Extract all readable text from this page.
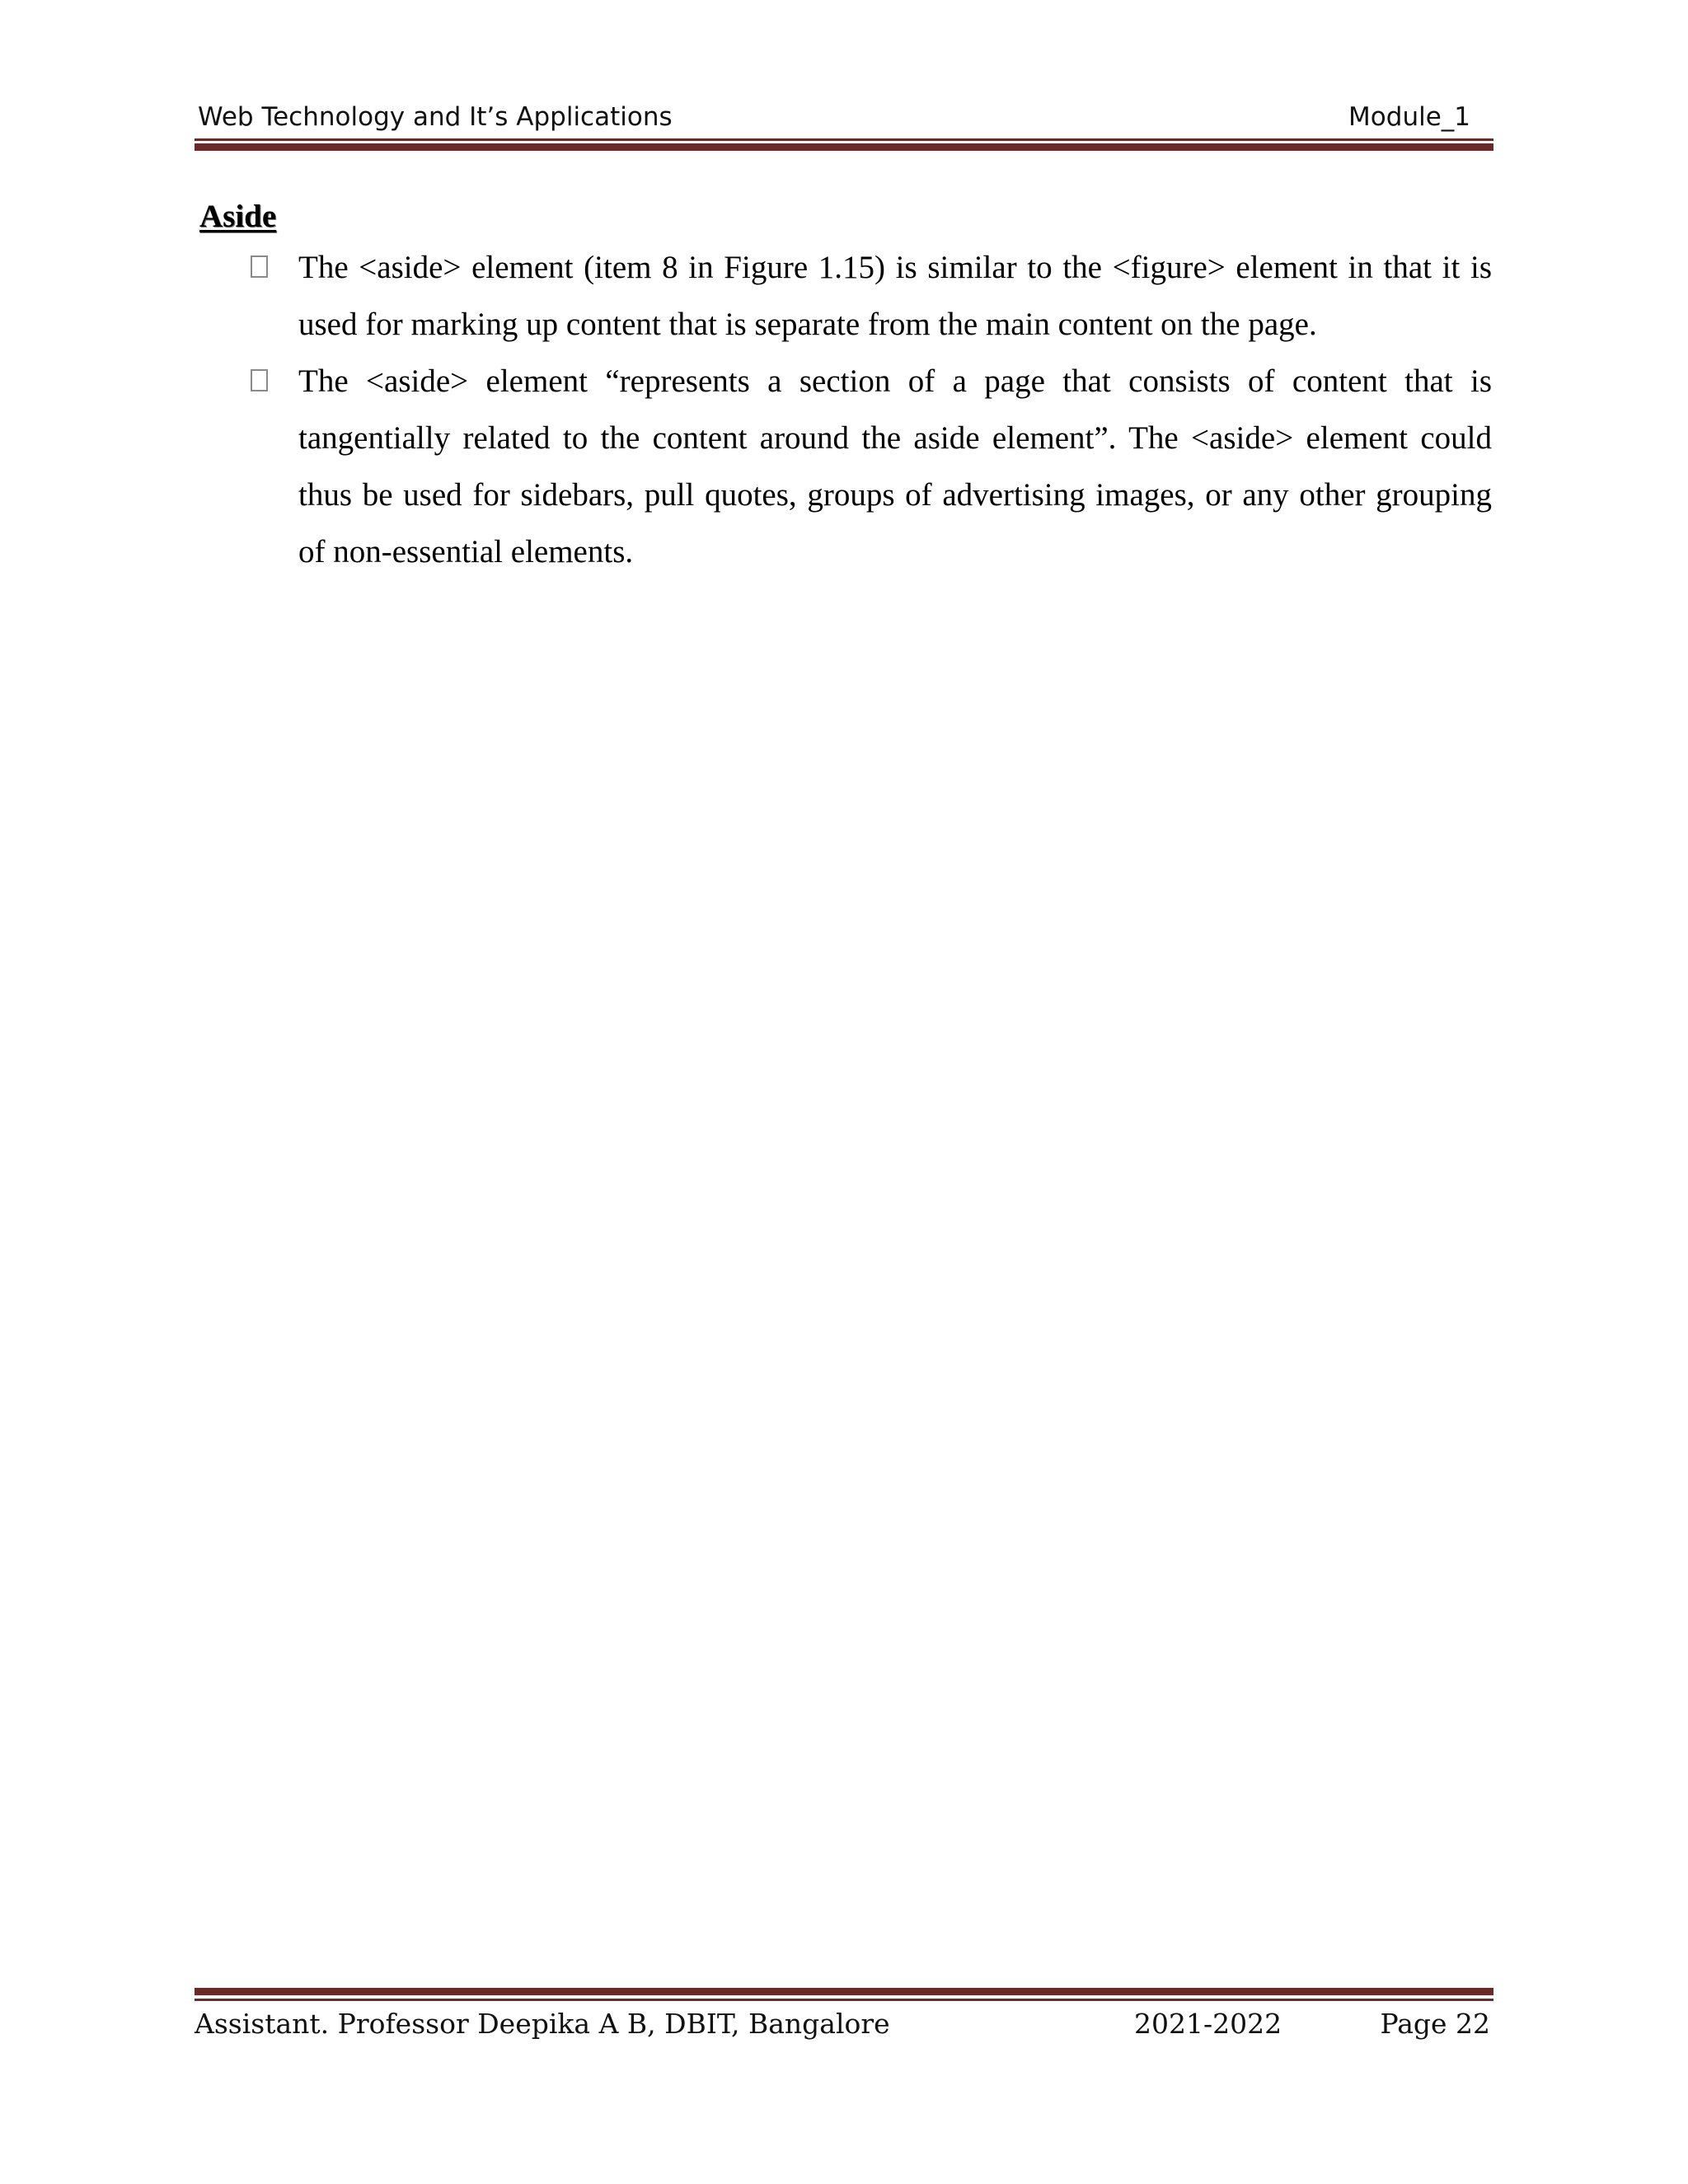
Web Technology and It’s Applications	Module_1
Aside
The <aside> element (item 8 in Figure 1.15) is similar to the <figure> element in that it is used for marking up content that is separate from the main content on the page.
The <aside> element “represents a section of a page that consists of content that is tangentially related to the content around the aside element”. The <aside> element could thus be used for sidebars, pull quotes, groups of advertising images, or any other grouping of non-essential elements.
Assistant. Professor Deepika A B, DBIT, Bangalore	2021-2022	Page 22
